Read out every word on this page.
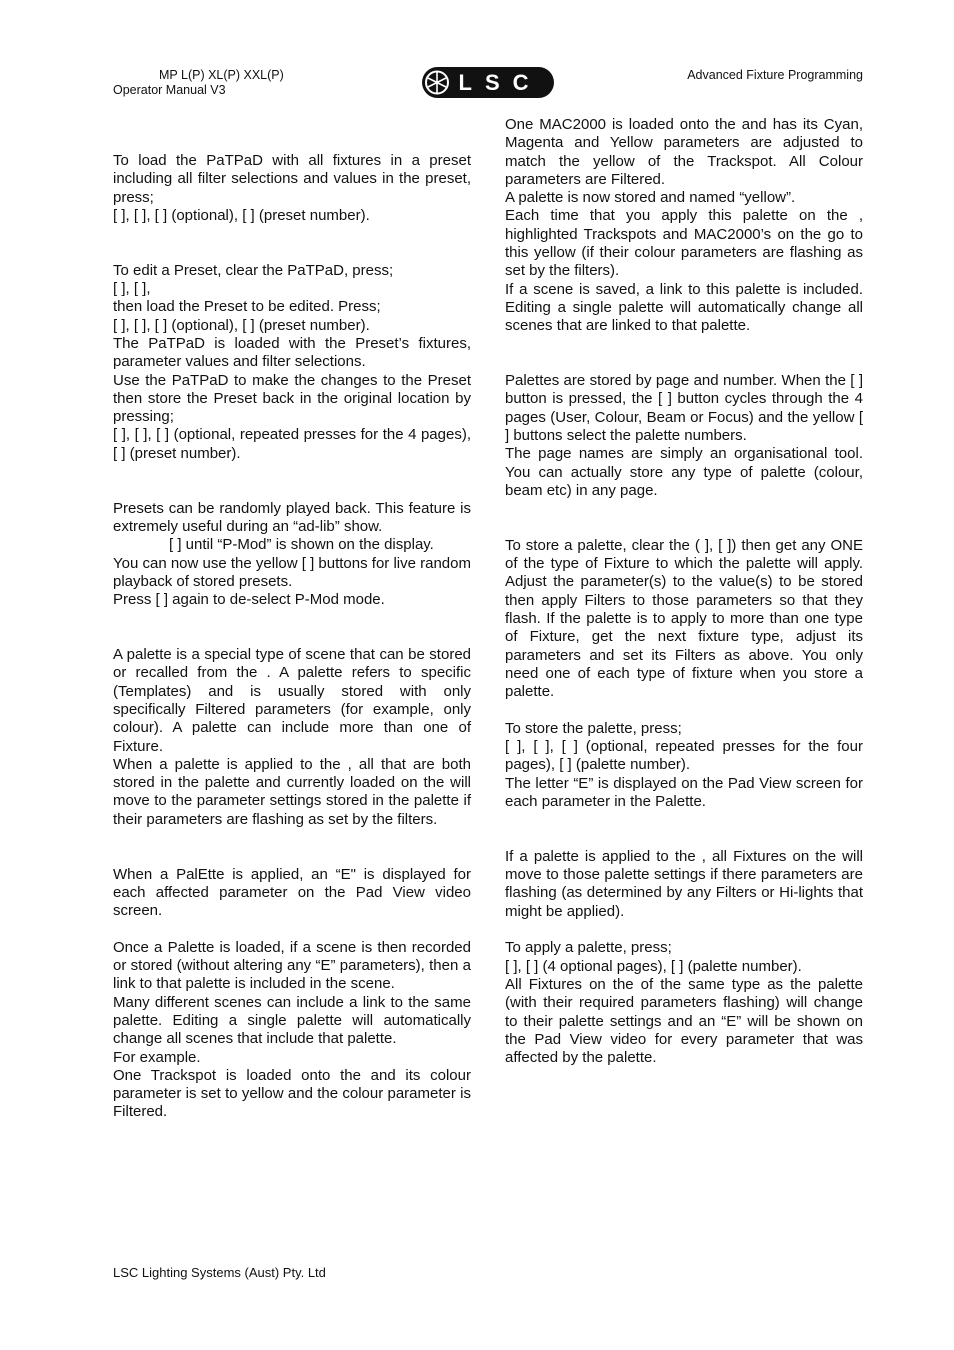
MP L(P) XL(P) XXL(P)
Operator Manual V3	LSC	Advanced Fixture Programming

To load the PaTPaD with all fixtures in a preset including all filter selections and values in the preset, press;

[ ], [ ], [ ] (optional), [ ] (preset number).

To edit a Preset, clear the PaTPaD, press;

[ ], [ ],

then load the Preset to be edited. Press;

[ ], [ ], [ ] (optional), [ ] (preset number).

The PaTPaD is loaded with the Preset’s fixtures, parameter values and filter selections.

Use the PaTPaD to make the changes to the Preset then store the Preset back in the original location by pressing;

[ ], [ ], [ ] (optional, repeated presses for the 4 pages), [ ] (preset number).

Presets can be randomly played back. This feature is extremely useful during an “ad-lib” show.

[ ] until “P-Mod” is shown on the display.

You can now use the yellow [ ] buttons for live random playback of stored presets.

Press [ ] again to de-select P-Mod mode.

A palette is a special type of scene that can be stored or recalled from the . A palette refers to specific (Templates) and is usually stored with only specifically Filtered parameters (for example, only colour). A palette can include more than one of Fixture.

When a palette is applied to the , all that are both stored in the palette and currently loaded on the will move to the parameter settings stored in the palette if their parameters are flashing as set by the filters.

When a PalEtte is applied, an “E" is displayed for each affected parameter on the Pad View video screen.

Once a Palette is loaded, if a scene is then recorded or stored (without altering any “E” parameters), then a link to that palette is included in the scene.

Many different scenes can include a link to the same palette. Editing a single palette will automatically change all scenes that include that palette.

For example.

One Trackspot is loaded onto the and its colour parameter is set to yellow and the colour parameter is Filtered.

One MAC2000 is loaded onto the and has its Cyan, Magenta and Yellow parameters are adjusted to match the yellow of the Trackspot. All Colour parameters are Filtered.

A palette is now stored and named “yellow”.

Each time that you apply this palette on the , highlighted Trackspots and MAC2000’s on the go to this yellow (if their colour parameters are flashing as set by the filters).

If a scene is saved, a link to this palette is included. Editing a single palette will automatically change all scenes that are linked to that palette.

Palettes are stored by page and number. When the [ ] button is pressed, the [ ] button cycles through the 4 pages (User, Colour, Beam or Focus) and the yellow [ ] buttons select the palette numbers.

The page names are simply an organisational tool. You can actually store any type of palette (colour, beam etc) in any page.

To store a palette, clear the ( ], [ ]) then get any ONE of the type of Fixture to which the palette will apply. Adjust the parameter(s) to the value(s) to be stored then apply Filters to those parameters so that they flash. If the palette is to apply to more than one type of Fixture, get the next fixture type, adjust its parameters and set its Filters as above. You only need one of each type of fixture when you store a palette.

To store the palette, press;

[ ], [ ], [ ] (optional, repeated presses for the four pages), [ ] (palette number).

The letter “E” is displayed on the Pad View screen for each parameter in the Palette.

If a palette is applied to the , all Fixtures on the will move to those palette settings if there parameters are flashing (as determined by any Filters or Hi-lights that might be applied).

To apply a palette, press;

[ ], [ ] (4 optional pages), [ ] (palette number).

All Fixtures on the of the same type as the palette (with their required parameters flashing) will change to their palette settings and an “E” will be shown on the Pad View video for every parameter that was affected by the palette.

LSC Lighting Systems (Aust) Pty. Ltd
